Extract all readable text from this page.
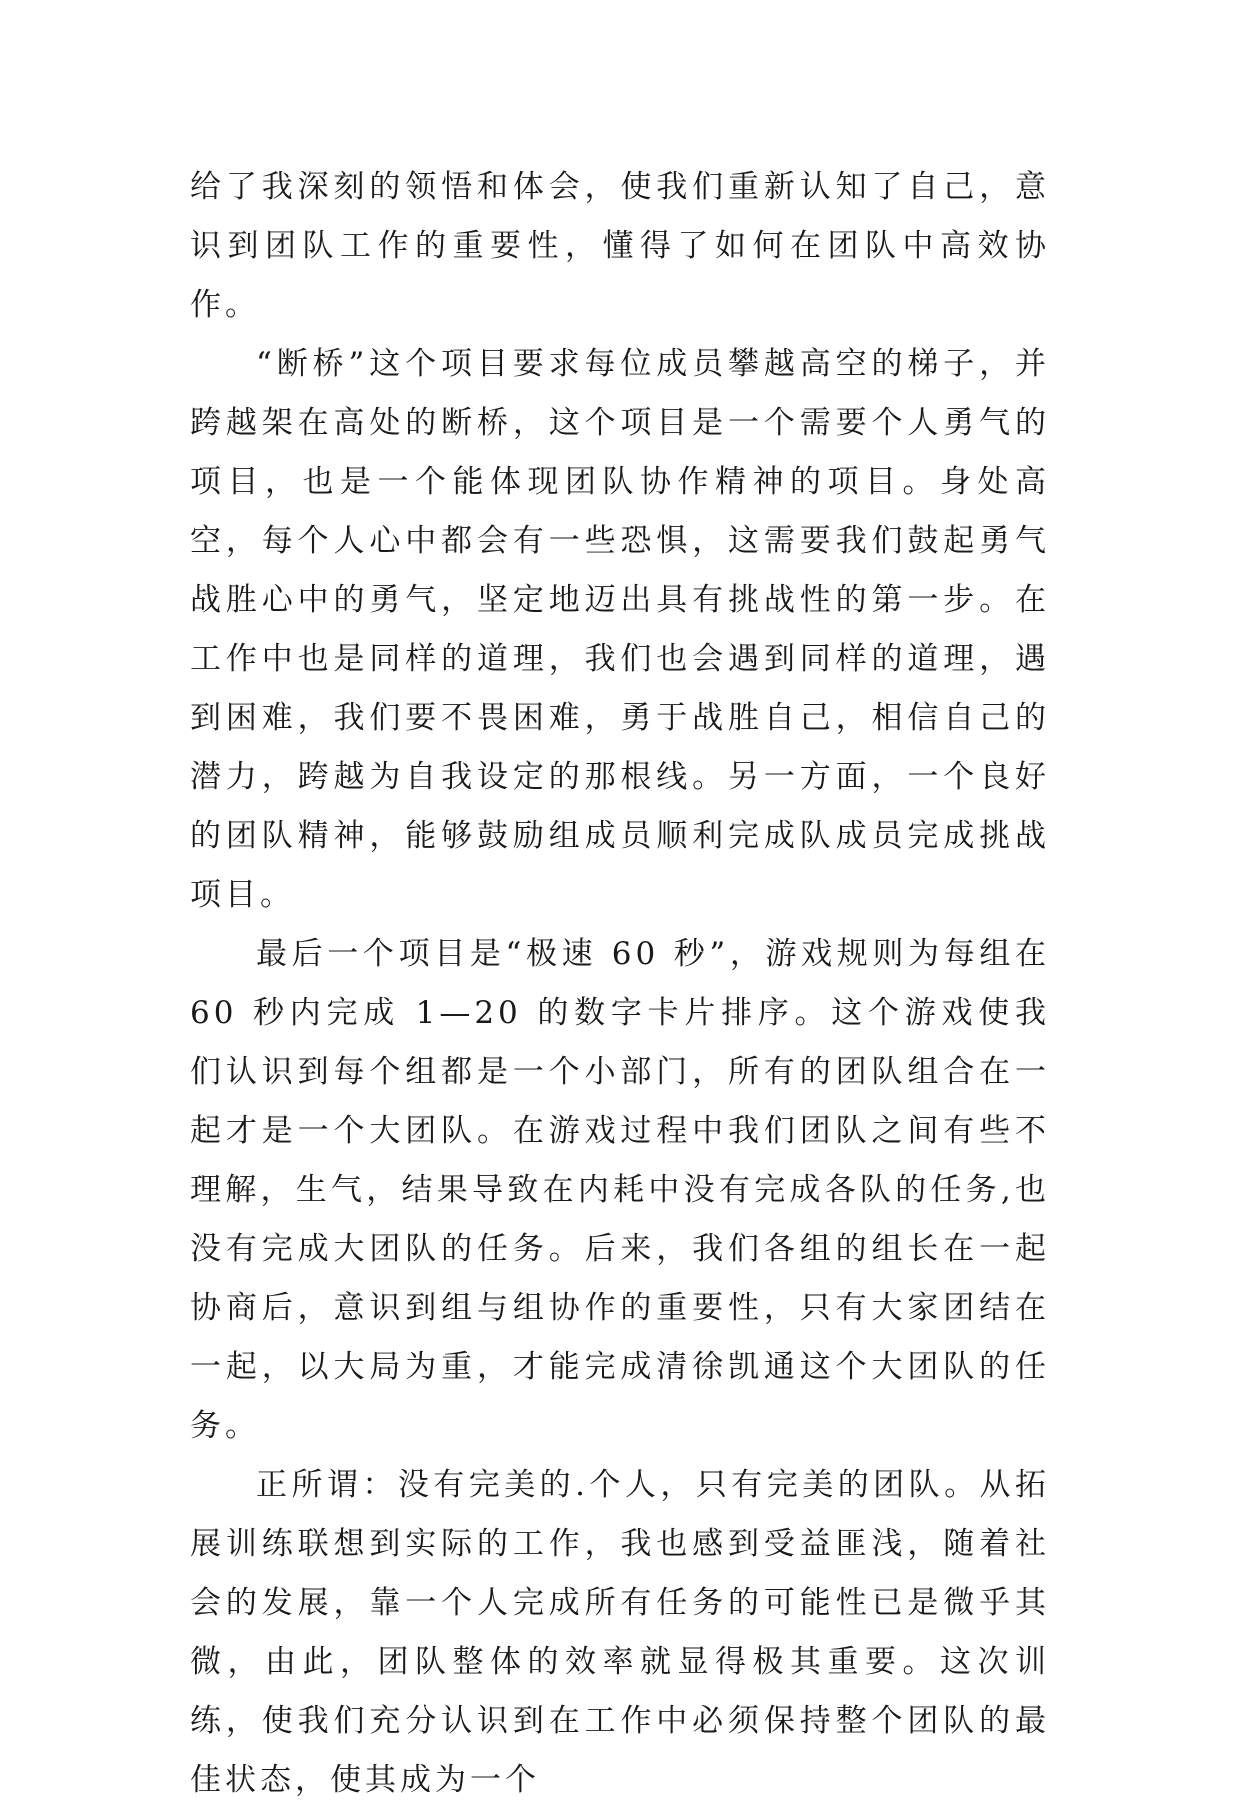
给了我深刻的领悟和体会，使我们重新认知了自己，意识到团队工作的重要性，懂得了如何在团队中高效协作。

“断桥”这个项目要求每位成员攀越高空的梯子，并跨越架在高处的断桥，这个项目是一个需要个人勇气的项目，也是一个能体现团队协作精神的项目。身处高空，每个人心中都会有一些恐惧，这需要我们鼓起勇气战胜心中的勇气，坚定地迈出具有挑战性的第一步。在工作中也是同样的道理，我们也会遇到同样的道理，遇到困难，我们要不畏困难，勇于战胜自己，相信自己的潜力，跨越为自我设定的那根线。另一方面，一个良好的团队精神，能够鼓励组成员顺利完成队成员完成挑战项目。

最后一个项目是“极速 60 秒”，游戏规则为每组在 60 秒内完成 1—20 的数字卡片排序。这个游戏使我们认识到每个组都是一个小部门，所有的团队组合在一起才是一个大团队。在游戏过程中我们团队之间有些不理解，生气，结果导致在内耗中没有完成各队的任务,也没有完成大团队的任务。后来，我们各组的组长在一起协商后，意识到组与组协作的重要性，只有大家团结在一起，以大局为重，才能完成清徐凯通这个大团队的任务。

正所谓：没有完美的.个人，只有完美的团队。从拓展训练联想到实际的工作，我也感到受益匪浅，随着社会的发展，靠一个人完成所有任务的可能性已是微乎其微，由此，团队整体的效率就显得极其重要。这次训练，使我们充分认识到在工作中必须保持整个团队的最佳状态，使其成为一个
